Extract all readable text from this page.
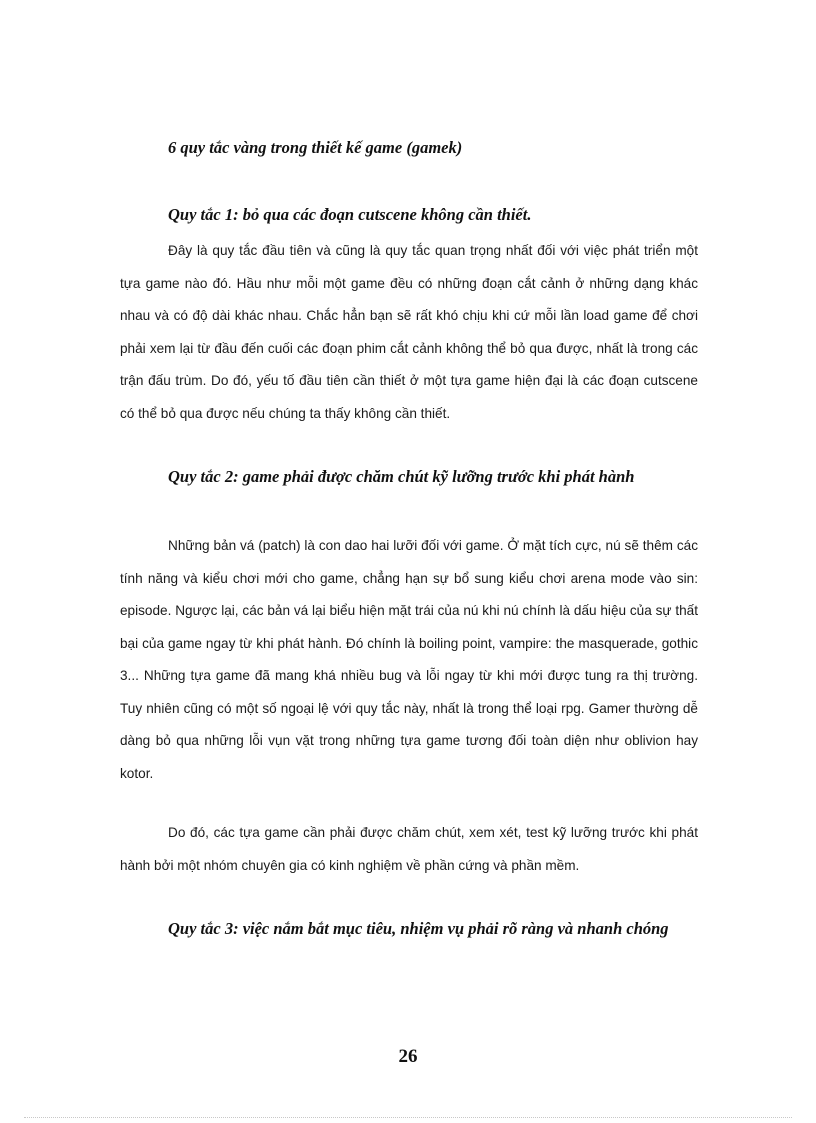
6 quy tắc vàng trong thiết kế game (gamek)
Quy tắc 1: bỏ qua các đoạn cutscene không cần thiết.

Đây là quy tắc đầu tiên và cũng là quy tắc quan trọng nhất đối với việc phát triển một tựa game nào đó. Hầu như mỗi một game đều có những đoạn cắt cảnh ở những dạng khác nhau và có độ dài khác nhau. Chắc hẳn bạn sẽ rất khó chịu khi cứ mỗi lần load game để chơi phải xem lại từ đầu đến cuối các đoạn phim cắt cảnh không thể bỏ qua được, nhất là trong các trận đấu trùm. Do đó, yếu tố đầu tiên cần thiết ở một tựa game hiện đại là các đoạn cutscene có thể bỏ qua được nếu chúng ta thấy không cần thiết.

Quy tắc 2: game phải được chăm chút kỹ lưỡng trước khi phát hành

Những bản vá (patch) là con dao hai lưỡi đối với game. Ở mặt tích cực, nú sẽ thêm các tính năng và kiểu chơi mới cho game, chẳng hạn sự bổ sung kiểu chơi arena mode vào sin: episode. Ngược lại, các bản vá lại biểu hiện mặt trái của nú khi nú chính là dấu hiệu của sự thất bại của game ngay từ khi phát hành. Đó chính là boiling point, vampire: the masquerade, gothic 3... Những tựa game đã mang khá nhiều bug và lỗi ngay từ khi mới được tung ra thị trường. Tuy nhiên cũng có một số ngoại lệ với quy tắc này, nhất là trong thể loại rpg. Gamer thường dễ dàng bỏ qua những lỗi vụn vặt trong những tựa game tương đối toàn diện như oblivion hay kotor.

Do đó, các tựa game cần phải được chăm chút, xem xét, test kỹ lưỡng trước khi phát hành bởi một nhóm chuyên gia có kinh nghiệm về phần cứng và phần mềm.

Quy tắc 3: việc nắm bắt mục tiêu, nhiệm vụ phải rõ ràng và nhanh chóng
26
